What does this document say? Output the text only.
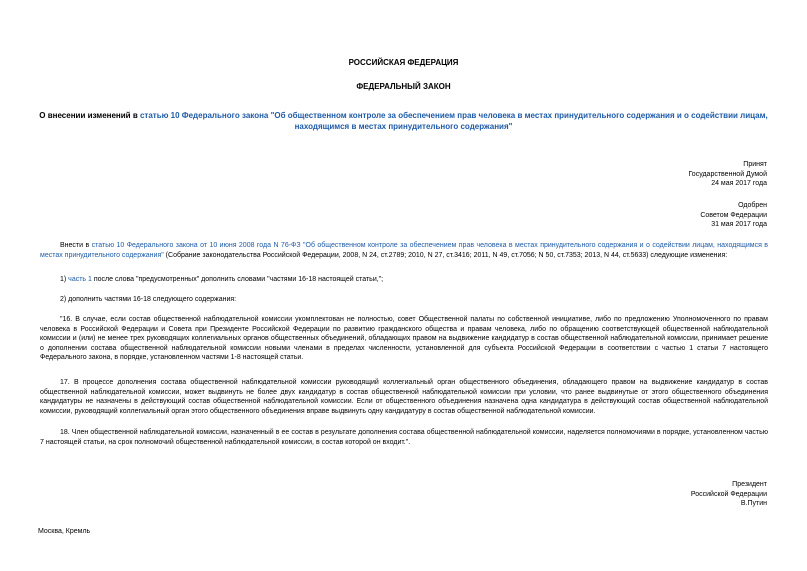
РОССИЙСКАЯ ФЕДЕРАЦИЯ
ФЕДЕРАЛЬНЫЙ ЗАКОН
О внесении изменений в статью 10 Федерального закона "Об общественном контроле за обеспечением прав человека в местах принудительного содержания и о содействии лицам, находящимся в местах принудительного содержания"
Принят
Государственной Думой
24 мая 2017 года
Одобрен
Советом Федерации
31 мая 2017 года
Внести в статью 10 Федерального закона от 10 июня 2008 года N 76-ФЗ "Об общественном контроле за обеспечением прав человека в местах принудительного содержания и о содействии лицам, находящимся в местах принудительного содержания" (Собрание законодательства Российской Федерации, 2008, N 24, ст.2789; 2010, N 27, ст.3416; 2011, N 49, ст.7056; N 50, ст.7353; 2013, N 44, ст.5633) следующие изменения:
1) часть 1 после слова "предусмотренных" дополнить словами "частями 16-18 настоящей статьи,";
2) дополнить частями 16-18 следующего содержания:
"16. В случае, если состав общественной наблюдательной комиссии укомплектован не полностью, совет Общественной палаты по собственной инициативе, либо по предложению Уполномоченного по правам человека в Российской Федерации и Совета при Президенте Российской Федерации по развитию гражданского общества и правам человека, либо по обращению соответствующей общественной наблюдательной комиссии и (или) не менее трех руководящих коллегиальных органов общественных объединений, обладающих правом на выдвижение кандидатур в состав общественной наблюдательной комиссии, принимает решение о дополнении состава общественной наблюдательной комиссии новыми членами в пределах численности, установленной для субъекта Российской Федерации в соответствии с частью 1 статьи 7 настоящего Федерального закона, в порядке, установленном частями 1-8 настоящей статьи.
17. В процессе дополнения состава общественной наблюдательной комиссии руководящий коллегиальный орган общественного объединения, обладающего правом на выдвижение кандидатур в состав общественной наблюдательной комиссии, может выдвинуть не более двух кандидатур в состав общественной наблюдательной комиссии при условии, что ранее выдвинутые от этого общественного объединения кандидатуры не назначены в действующий состав общественной наблюдательной комиссии. Если от общественного объединения назначена одна кандидатура в действующий состав общественной наблюдательной комиссии, руководящий коллегиальный орган этого общественного объединения вправе выдвинуть одну кандидатуру в состав общественной наблюдательной комиссии.
18. Член общественной наблюдательной комиссии, назначенный в ее состав в результате дополнения состава общественной наблюдательной комиссии, наделяется полномочиями в порядке, установленном частью 7 настоящей статьи, на срок полномочий общественной наблюдательной комиссии, в состав которой он входит.".
Президент
Российской Федерации
В.Путин
Москва, Кремль
